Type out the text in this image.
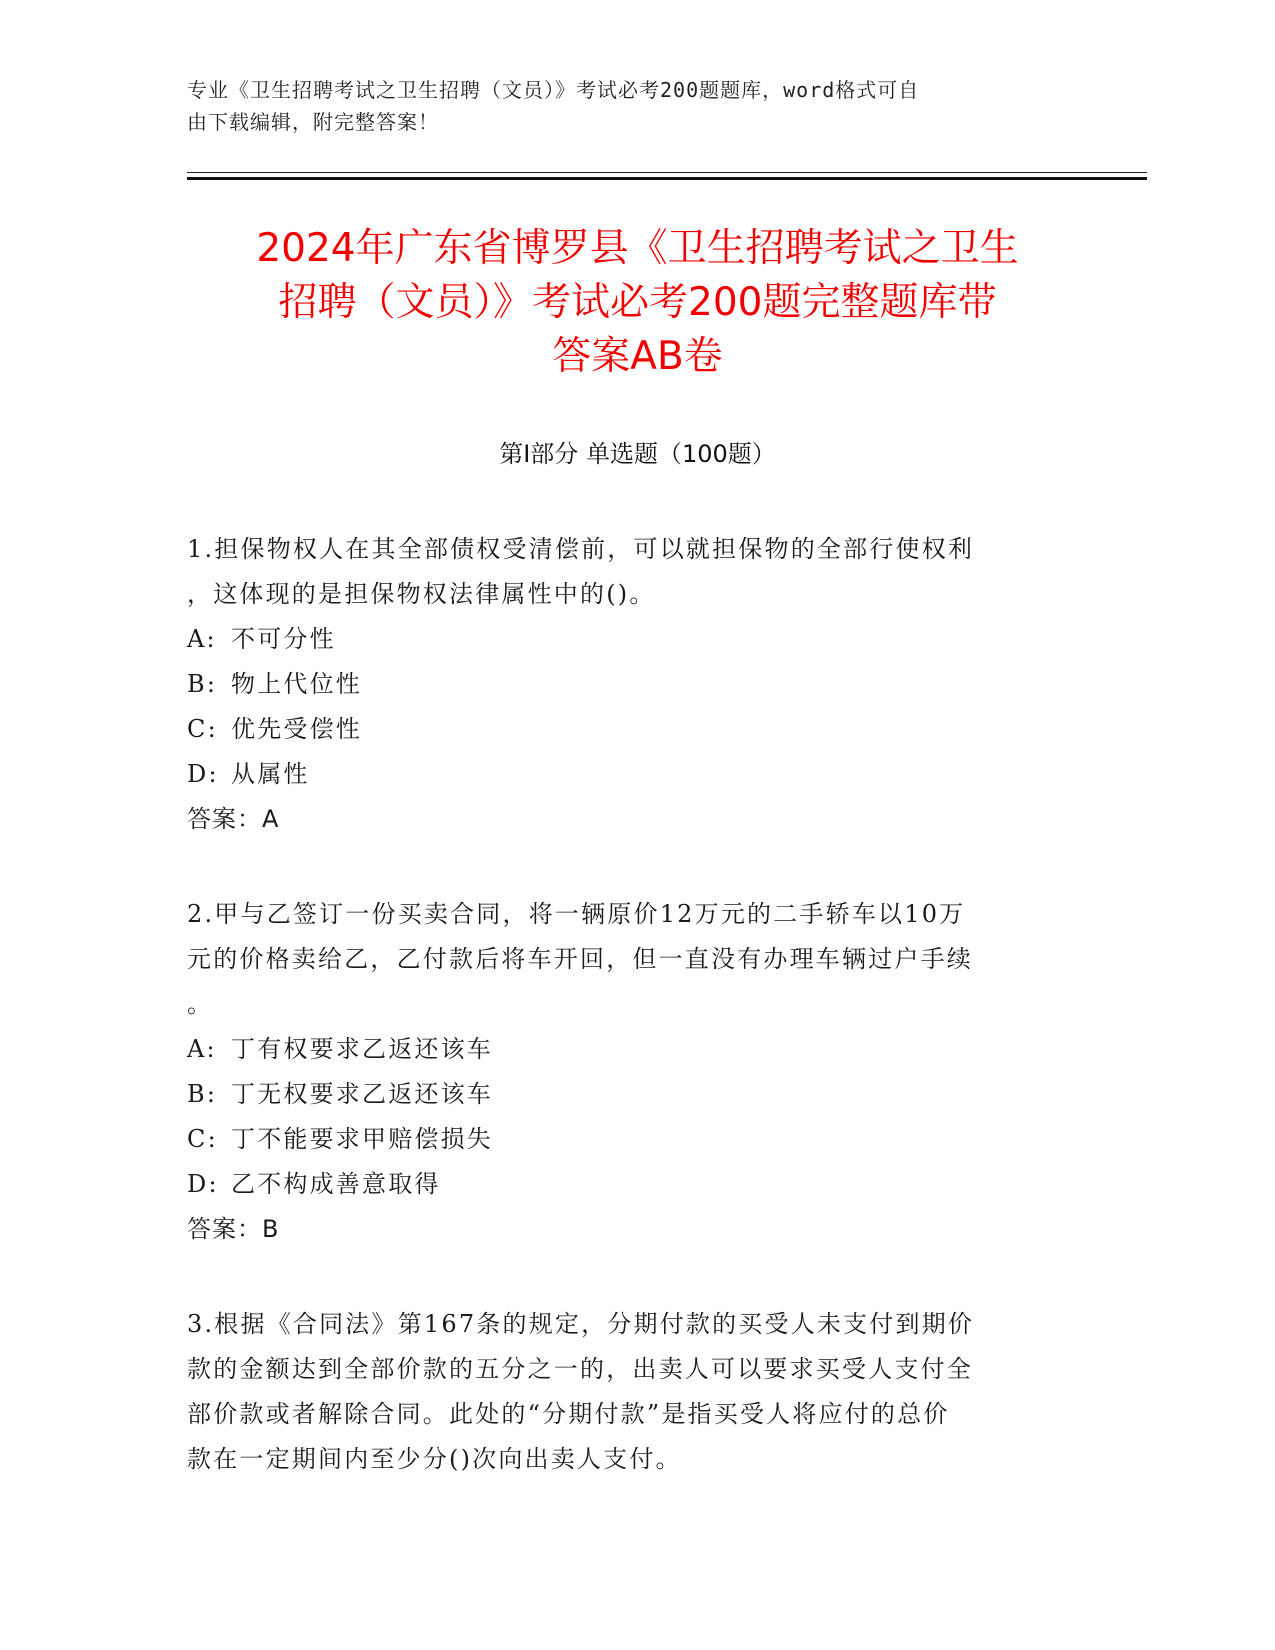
专业《卫生招聘考试之卫生招聘（文员）》考试必考200题题库，word格式可自
由下载编辑，附完整答案！
2024年广东省博罗县《卫生招聘考试之卫生
招聘（文员）》考试必考200题完整题库带
答案AB卷
第Ⅰ部分 单选题（100题）
1.担保物权人在其全部债权受清偿前，可以就担保物的全部行使权利
，这体现的是担保物权法律属性中的()。
A: 不可分性
B: 物上代位性
C: 优先受偿性
D: 从属性
答案：A
2.甲与乙签订一份买卖合同，将一辆原价12万元的二手轿车以10万
元的价格卖给乙，乙付款后将车开回，但一直没有办理车辆过户手续
。
A: 丁有权要求乙返还该车
B: 丁无权要求乙返还该车
C: 丁不能要求甲赔偿损失
D: 乙不构成善意取得
答案：B
3.根据《合同法》第167条的规定，分期付款的买受人未支付到期价
款的金额达到全部价款的五分之一的，出卖人可以要求买受人支付全
部价款或者解除合同。此处的“分期付款”是指买受人将应付的总价
款在一定期间内至少分()次向出卖人支付。
